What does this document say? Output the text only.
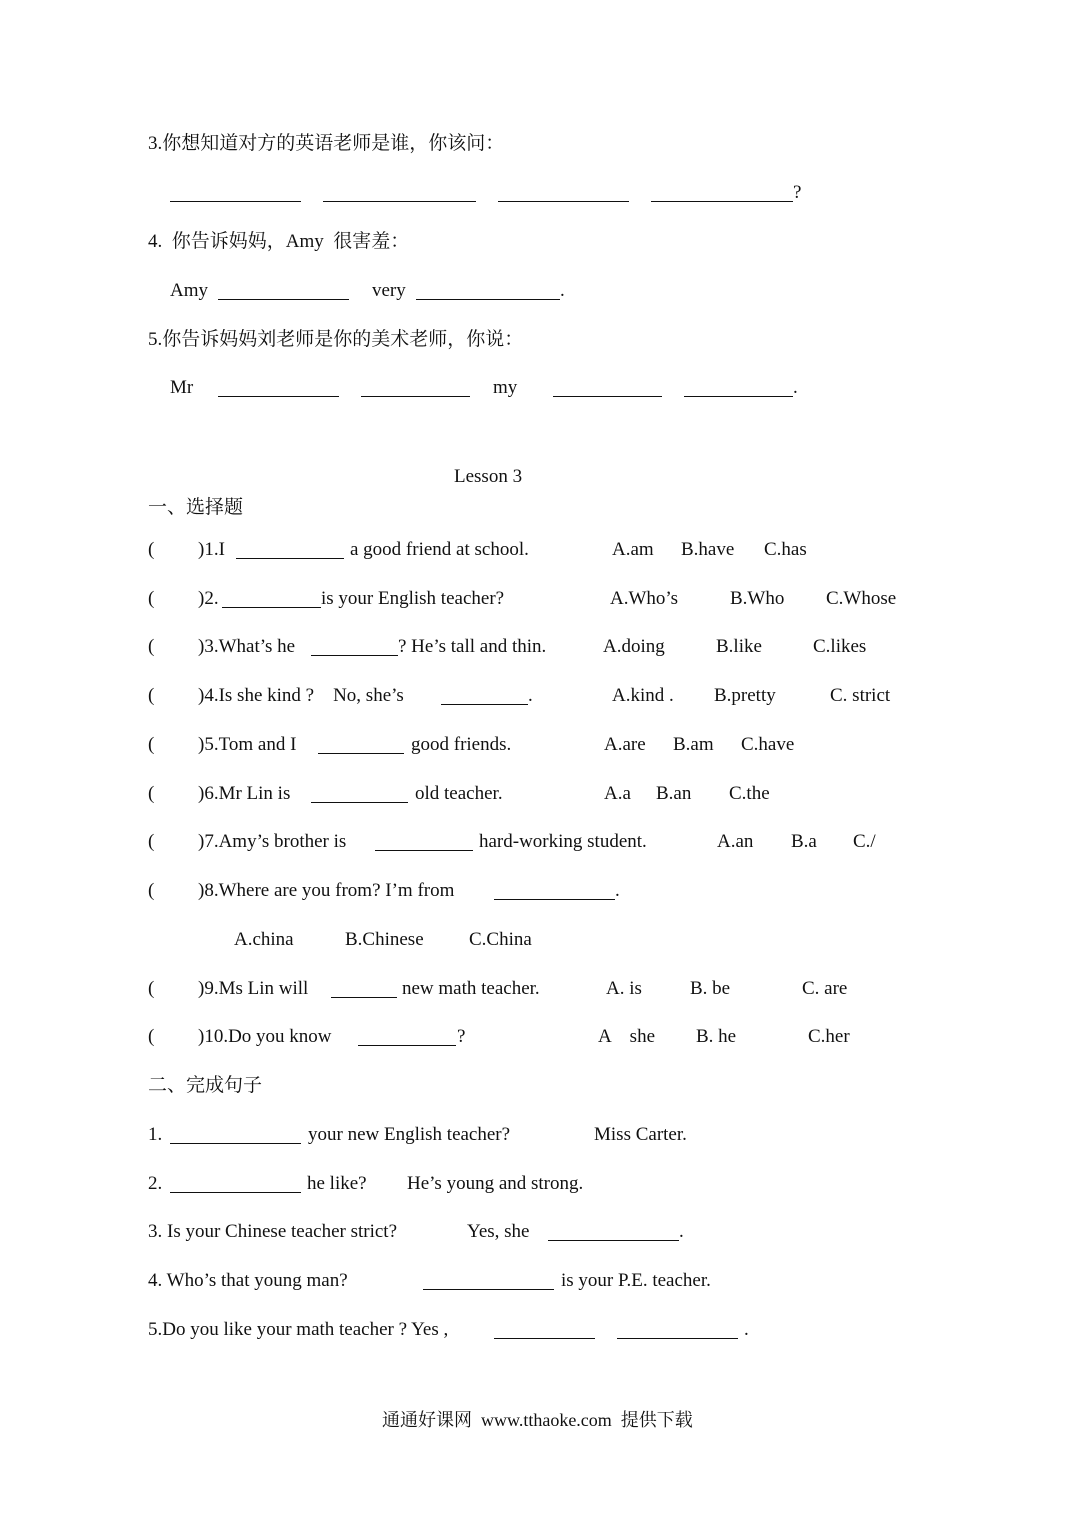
3.你想知道对方的英语老师是谁，你该问：
?
4.  你告诉妈妈，Amy  很害羞：
Amy	very	.
5.你告诉妈妈刘老师是你的美术老师，你说：
Mr	my	.
Lesson 3
一、选择题
( )1.I	a good friend at school.	A.am B.have C.has
( )2.	is your English teacher?	A.Who’s	B.Who C.Whose
( )3.What’s he	? He’s tall and thin.	A.doing	B.like	C.likes
( )4.Is she kind ?    No, she’s	.	A.kind . B.pretty	C. strict
( )5.Tom and I	good friends.	A.are B.am C.have
( )6.Mr Lin is	old teacher.	A.a B.an C.the
( )7.Amy’s brother is	hard-working student.	A.an B.a C./
( )8.Where are you from? I’m from	.
A.china	B.Chinese C.China
( )9.Ms Lin will	new math teacher.	A. is	B. be	C. are
( )10.Do you know	?	A    she B. he	C.her
二、完成句子
1.	your new English teacher?	Miss Carter.
2.	he like? He’s young and strong.
3. Is your Chinese teacher strict?	Yes, she	.
4. Who’s that young man?	is your P.E. teacher.
5.Do you like your math teacher ? Yes ,	.
通通好课网  www.tthaoke.com  提供下载
